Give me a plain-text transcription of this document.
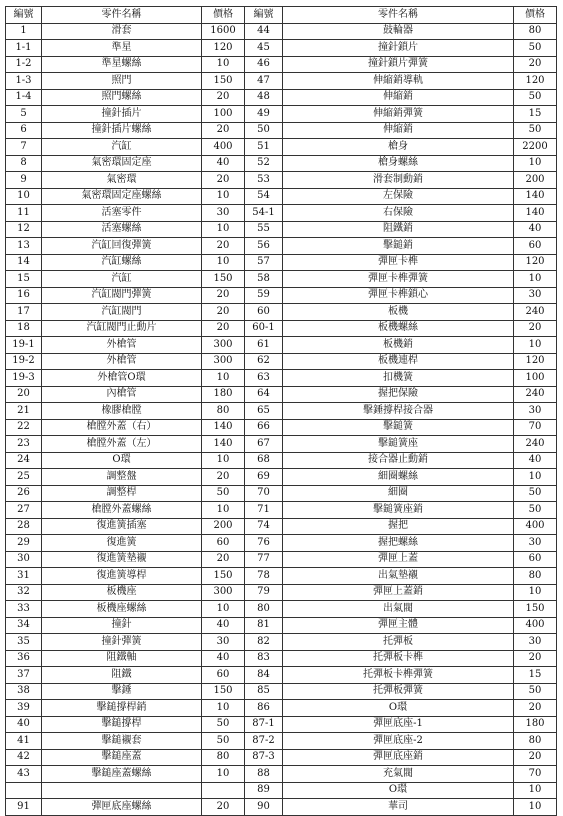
編號	零件名稱	價格	編號	零件名稱	價格
1	滑套	1600	44	鼓輪器	80
1-1	準星	120	45	撞針鎖片	50
1-2	準星螺絲	10	46	撞針鎖片彈簧	20
1-3	照門	150	47	伸縮銷導軌	120
1-4	照門螺絲	20	48	伸縮銷	50
5	撞針插片	100	49	伸縮銷彈簧	15
6	撞針插片螺絲	20	50	伸縮銷	50
7	汽缸	400	51	槍身	2200
8	氣密環固定座	40	52	槍身螺絲	10
9	氣密環	20	53	滑套制動銷	200
10	氣密環固定座螺絲	10	54	左保險	140
11	活塞零件	30	54-1	右保險	140
12	活塞螺絲	10	55	阻鐵銷	40
13	汽缸回復彈簧	20	56	擊鎚銷	60
14	汽缸螺絲	10	57	彈匣卡榫	120
15	汽缸	150	58	彈匣卡榫彈簧	10
16	汽缸閥門彈簧	20	59	彈匣卡榫鎖心	30
17	汽缸閥門	20	60	板機	240
18	汽缸閥門止動片	20	60-1	板機螺絲	20
19-1	外槍管	300	61	板機銷	10
19-2	外槍管	300	62	板機連桿	120
19-3	外槍管O環	10	63	扣機簧	100
20	內槍管	180	64	握把保險	240
21	橡膠槍膛	80	65	擊錘撐桿接合器	30
22	槍膛外蓋（右）	140	66	擊鎚簧	70
23	槍膛外蓋（左）	140	67	擊鎚簧座	240
24	O環	10	68	接合器止動銷	40
25	調整盤	20	69	細圈螺絲	10
26	調整桿	50	70	細圈	50
27	槍膛外蓋螺絲	10	71	擊鎚簧座銷	50
28	復進簧插塞	200	74	握把	400
29	復進簧	60	76	握把螺絲	30
30	復進簧墊襯	20	77	彈匣上蓋	60
31	復進簧導桿	150	78	出氣墊襯	80
32	板機座	300	79	彈匣上蓋銷	10
33	板機座螺絲	10	80	出氣閥	150
34	撞針	40	81	彈匣主體	400
35	撞針彈簧	30	82	托彈板	30
36	阻鐵軸	40	83	托彈板卡榫	20
37	阻鐵	60	84	托彈板卡榫彈簧	15
38	擊錘	150	85	托彈板彈簧	50
39	擊鎚撐桿銷	10	86	O環	20
40	擊鎚撐桿	50	87-1	彈匣底座-1	180
41	擊鎚襯套	50	87-2	彈匣底座-2	80
42	擊鎚座蓋	80	87-3	彈匣底座銷	20
43	擊鎚座蓋螺絲	10	88	充氣閥	70
			89	O環	10
91	彈匣底座螺絲	20	90	華司	10
